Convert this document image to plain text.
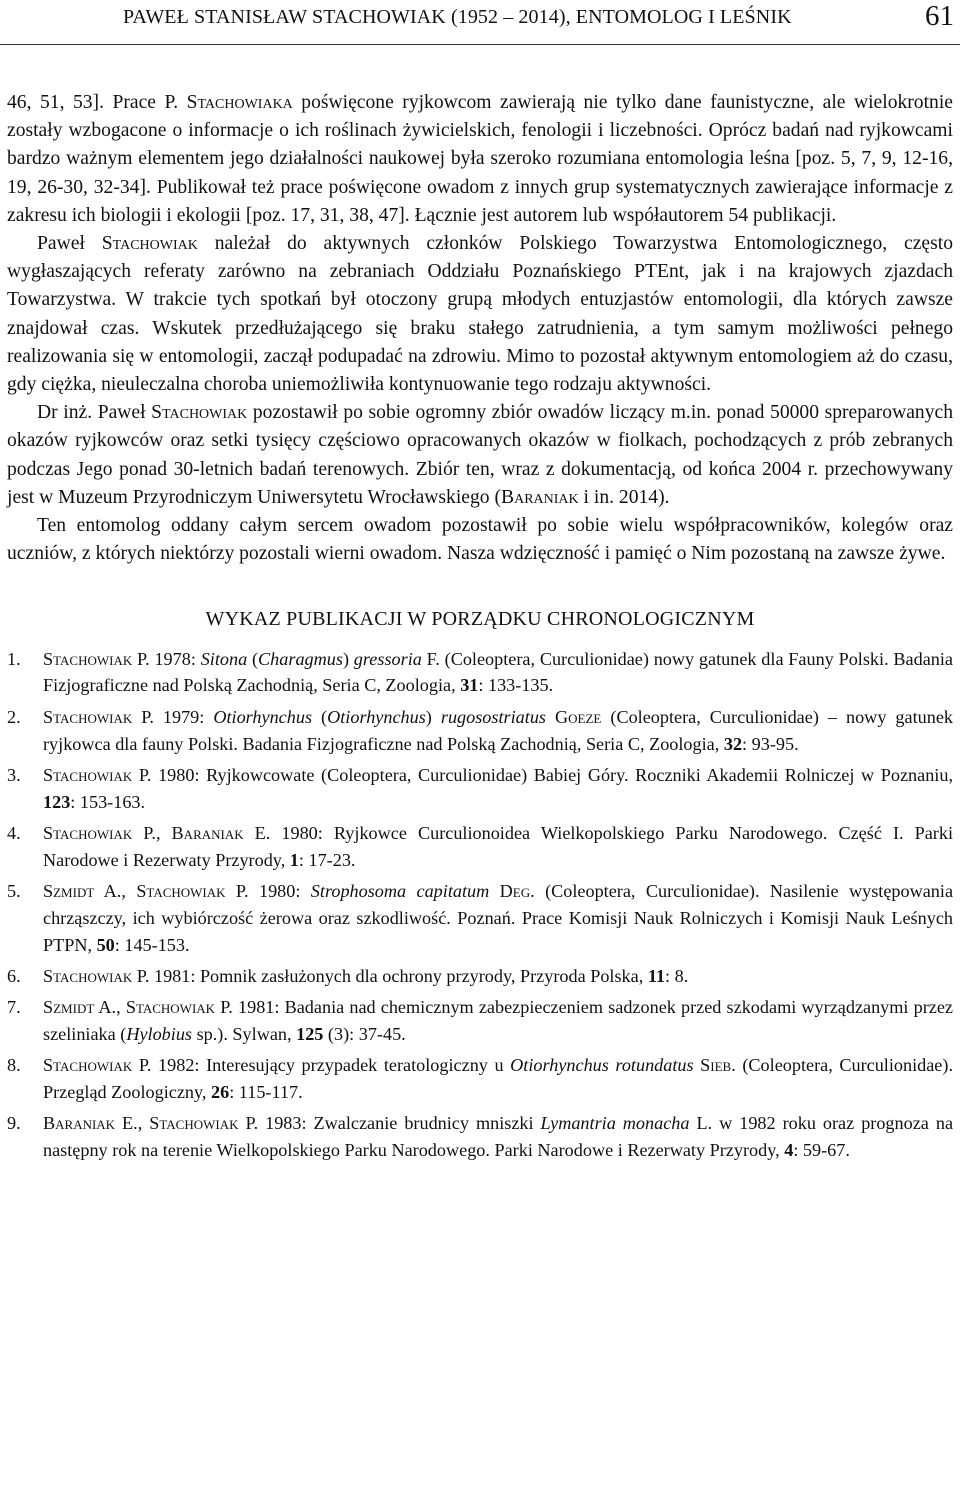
PAWEŁ STANISŁAW STACHOWIAK (1952 – 2014), ENTOMOLOG I LEŚNIK	61

46, 51, 53]. Prace P. Stachowiaka poświęcone ryjkowcom zawierają nie tylko dane faunistyczne, ale wielokrotnie zostały wzbogacone o informacje o ich roślinach żywicielskich, fenologii i liczebności. Oprócz badań nad ryjkowcami bardzo ważnym elementem jego działalności naukowej była szeroko rozumiana entomologia leśna [poz. 5, 7, 9, 12-16, 19, 26-30, 32-34]. Publikował też prace poświęcone owadom z innych grup systematycznych zawierające informacje z zakresu ich biologii i ekologii [poz. 17, 31, 38, 47]. Łącznie jest autorem lub współautorem 54 publikacji.

Paweł Stachowiak należał do aktywnych członków Polskiego Towarzystwa Entomologicznego, często wygłaszających referaty zarówno na zebraniach Oddziału Poznańskiego PTEnt, jak i na krajowych zjazdach Towarzystwa. W trakcie tych spotkań był otoczony grupą młodych entuzjastów entomologii, dla których zawsze znajdował czas. Wskutek przedłużającego się braku stałego zatrudnienia, a tym samym możliwości pełnego realizowania się w entomologii, zaczął podupadać na zdrowiu. Mimo to pozostał aktywnym entomologiem aż do czasu, gdy ciężka, nieuleczalna choroba uniemożliwiła kontynuowanie tego rodzaju aktywności.

Dr inż. Paweł Stachowiak pozostawił po sobie ogromny zbiór owadów liczący m.in. ponad 50000 spreparowanych okazów ryjkowców oraz setki tysięcy częściowo opracowanych okazów w fiolkach, pochodzących z prób zebranych podczas Jego ponad 30-letnich badań terenowych. Zbiór ten, wraz z dokumentacją, od końca 2004 r. przechowywany jest w Muzeum Przyrodniczym Uniwersytetu Wrocławskiego (Baraniak i in. 2014).

Ten entomolog oddany całym sercem owadom pozostawił po sobie wielu współpracowników, kolegów oraz uczniów, z których niektórzy pozostali wierni owadom. Nasza wdzięczność i pamięć o Nim pozostaną na zawsze żywe.

WYKAZ PUBLIKACJI W PORZĄDKU CHRONOLOGICZNYM
1.	Stachowiak P. 1978: Sitona (Charagmus) gressoria F. (Coleoptera, Curculionidae) nowy gatunek dla Fauny Polski. Badania Fizjograficzne nad Polską Zachodnią, Seria C, Zoologia, 31: 133-135.
2.	Stachowiak P. 1979: Otiorhynchus (Otiorhynchus) rugosostriatus Goeze (Coleoptera, Curculionidae) – nowy gatunek ryjkowca dla fauny Polski. Badania Fizjograficzne nad Polską Zachodnią, Seria C, Zoologia, 32: 93-95.
3.	Stachowiak P. 1980: Ryjkowcowate (Coleoptera, Curculionidae) Babiej Góry. Roczniki Akademii Rolniczej w Poznaniu, 123: 153-163.
4.	Stachowiak P., Baraniak E. 1980: Ryjkowce Curculionoidea Wielkopolskiego Parku Narodowego. Część I. Parki Narodowe i Rezerwaty Przyrody, 1: 17-23.
5.	Szmidt A., Stachowiak P. 1980: Strophosoma capitatum Deg. (Coleoptera, Curculionidae). Nasilenie występowania chrząszczy, ich wybiórczość żerowa oraz szkodliwość. Poznań. Prace Komisji Nauk Rolniczych i Komisji Nauk Leśnych PTPN, 50: 145-153.
6.	Stachowiak P. 1981: Pomnik zasłużonych dla ochrony przyrody, Przyroda Polska, 11: 8.
7.	Szmidt A., Stachowiak P. 1981: Badania nad chemicznym zabezpieczeniem sadzonek przed szkodami wyrządzanymi przez szeliniaka (Hylobius sp.). Sylwan, 125 (3): 37-45.
8.	Stachowiak P. 1982: Interesujący przypadek teratologiczny u Otiorhynchus rotundatus Sieb. (Coleoptera, Curculionidae). Przegląd Zoologiczny, 26: 115-117.
9.	Baraniak E., Stachowiak P. 1983: Zwalczanie brudnicy mniszki Lymantria monacha L. w 1982 roku oraz prognoza na następny rok na terenie Wielkopolskiego Parku Narodowego. Parki Narodowe i Rezerwaty Przyrody, 4: 59-67.
